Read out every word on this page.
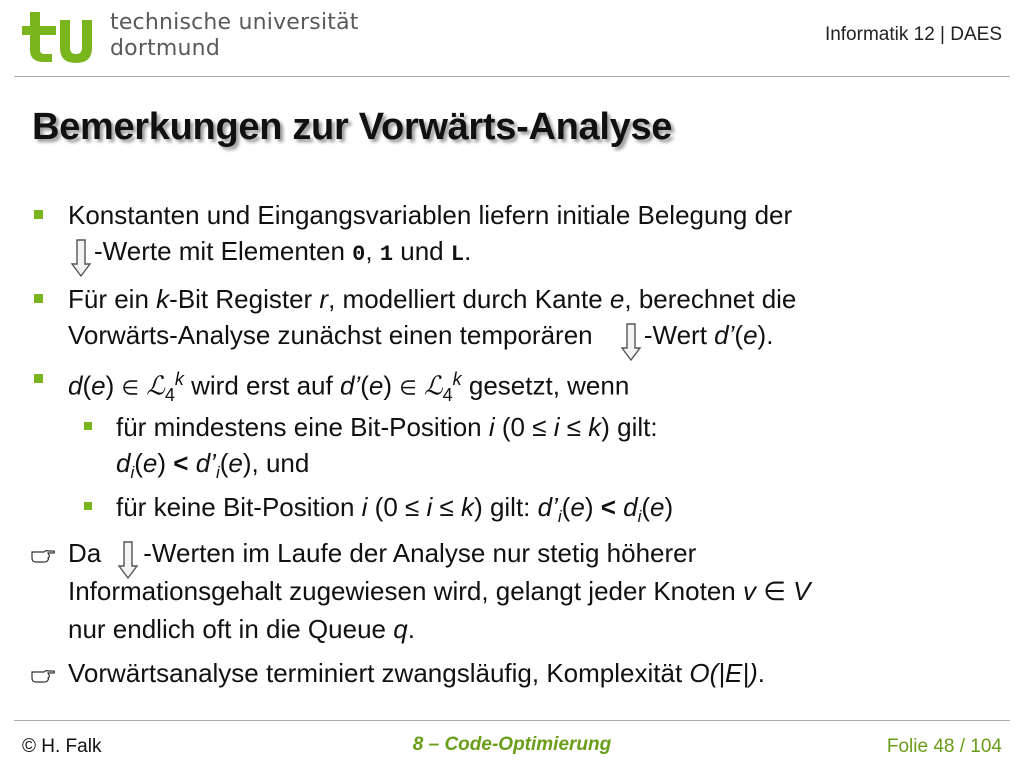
technische universität
dortmund
Informatik 12 | DAES
Bemerkungen zur Vorwärts-Analyse
Konstanten und Eingangsvariablen liefern initiale Belegung der
-Werte mit Elementen 0, 1 und L.
Für ein k-Bit Register r, modelliert durch Kante e, berechnet die
Vorwärts-Analyse zunächst einen temporären -Wert d’(e).
d(e) ∈ ℒ$_4^k$ wird erst auf d’(e) ∈ ℒ$_4^k$ gesetzt, wenn
für mindestens eine Bit-Position i (0 ≤ i ≤ k) gilt:
$d_i(e)$ < $d’_i(e)$, und
für keine Bit-Position i (0 ≤ i ≤ k) gilt: $d’_i(e) < d_i(e)$
Da -Werten im Laufe der Analyse nur stetig höherer
Informationsgehalt zugewiesen wird, gelangt jeder Knoten v ∈ V
nur endlich oft in die Queue q.
Vorwärtsanalyse terminiert zwangsläufig, Komplexität O(|E|).
© H. Falk	8 – Code-Optimierung	Folie 48 / 104
